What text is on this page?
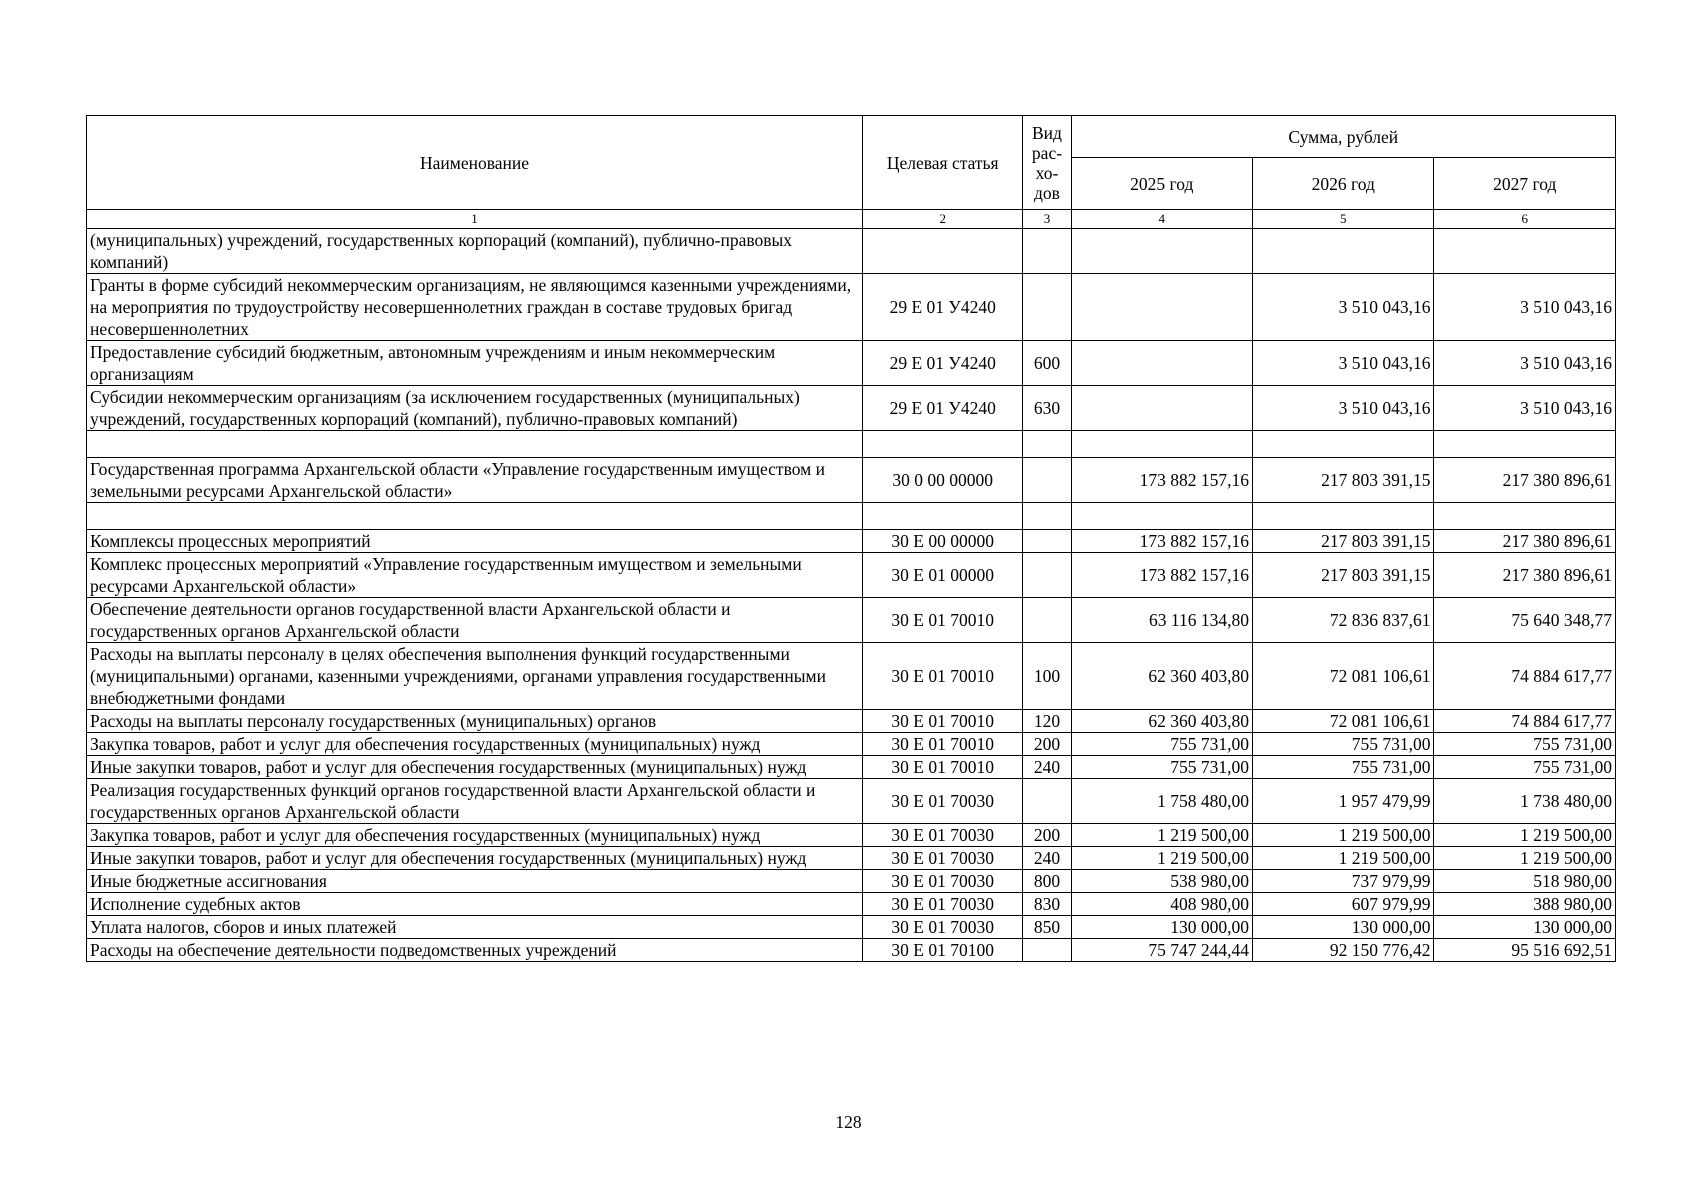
Наименование	Целевая статья	Вид рас-хо-дов	Сумма, рублей		
			2025 год	2026 год	2027 год
1	2	3	4	5	6
(муниципальных) учреждений, государственных корпораций (компаний), публично-правовых компаний)					
Гранты в форме субсидий некоммерческим организациям, не являющимся казенными учреждениями, на мероприятия по трудоустройству несовершеннолетних граждан в составе трудовых бригад несовершеннолетних	29 Е 01 У4240			3 510 043,16	3 510 043,16
Предоставление субсидий бюджетным, автономным учреждениям и иным некоммерческим организациям	29 Е 01 У4240	600		3 510 043,16	3 510 043,16
Субсидии некоммерческим организациям (за исключением государственных (муниципальных) учреждений, государственных корпораций (компаний), публично-правовых компаний)	29 Е 01 У4240	630		3 510 043,16	3 510 043,16

Государственная программа Архангельской области «Управление государственным имуществом и земельными ресурсами Архангельской области»	30 0 00 00000		173 882 157,16	217 803 391,15	217 380 896,61

Комплексы процессных мероприятий	30 Е 00 00000		173 882 157,16	217 803 391,15	217 380 896,61
Комплекс процессных мероприятий «Управление государственным имуществом и земельными ресурсами Архангельской области»	30 Е 01 00000		173 882 157,16	217 803 391,15	217 380 896,61
Обеспечение деятельности органов государственной власти Архангельской области и государственных органов Архангельской области	30 Е 01 70010		63 116 134,80	72 836 837,61	75 640 348,77
Расходы на выплаты персоналу в целях обеспечения выполнения функций государственными (муниципальными) органами, казенными учреждениями, органами управления государственными внебюджетными фондами	30 Е 01 70010	100	62 360 403,80	72 081 106,61	74 884 617,77
Расходы на выплаты персоналу государственных (муниципальных) органов	30 Е 01 70010	120	62 360 403,80	72 081 106,61	74 884 617,77
Закупка товаров, работ и услуг для обеспечения государственных (муниципальных) нужд	30 Е 01 70010	200	755 731,00	755 731,00	755 731,00
Иные закупки товаров, работ и услуг для обеспечения государственных (муниципальных) нужд	30 Е 01 70010	240	755 731,00	755 731,00	755 731,00
Реализация государственных функций органов государственной власти Архангельской области и государственных органов Архангельской области	30 Е 01 70030		1 758 480,00	1 957 479,99	1 738 480,00
Закупка товаров, работ и услуг для обеспечения государственных (муниципальных) нужд	30 Е 01 70030	200	1 219 500,00	1 219 500,00	1 219 500,00
Иные закупки товаров, работ и услуг для обеспечения государственных (муниципальных) нужд	30 Е 01 70030	240	1 219 500,00	1 219 500,00	1 219 500,00
Иные бюджетные ассигнования	30 Е 01 70030	800	538 980,00	737 979,99	518 980,00
Исполнение судебных актов	30 Е 01 70030	830	408 980,00	607 979,99	388 980,00
Уплата налогов, сборов и иных платежей	30 Е 01 70030	850	130 000,00	130 000,00	130 000,00
Расходы на обеспечение деятельности подведомственных учреждений	30 Е 01 70100		75 747 244,44	92 150 776,42	95 516 692,51
128
